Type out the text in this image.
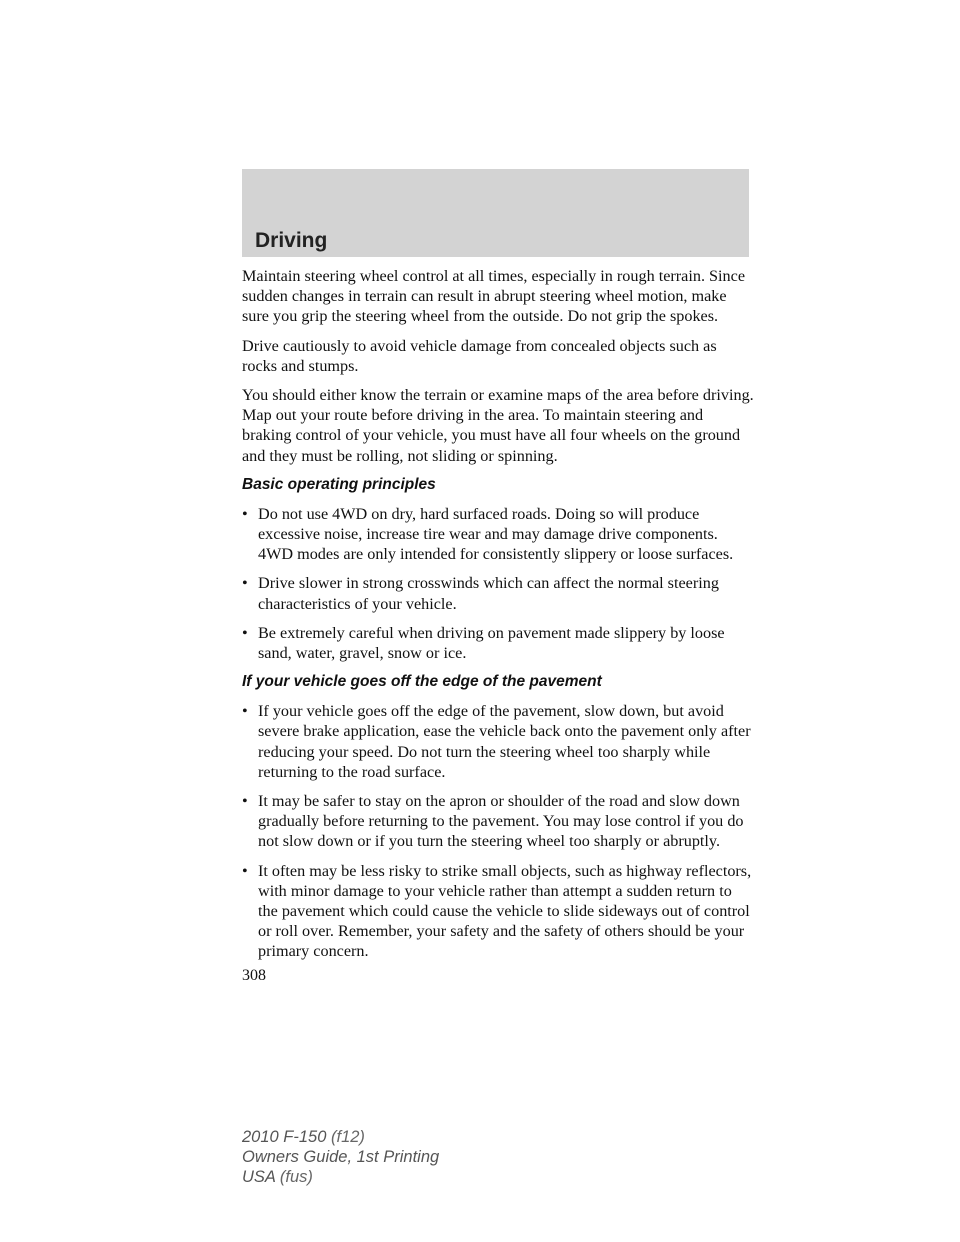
Driving

Maintain steering wheel control at all times, especially in rough terrain. Since sudden changes in terrain can result in abrupt steering wheel motion, make sure you grip the steering wheel from the outside. Do not grip the spokes.

Drive cautiously to avoid vehicle damage from concealed objects such as rocks and stumps.

You should either know the terrain or examine maps of the area before driving. Map out your route before driving in the area. To maintain steering and braking control of your vehicle, you must have all four wheels on the ground and they must be rolling, not sliding or spinning.

Basic operating principles
• Do not use 4WD on dry, hard surfaced roads. Doing so will produce excessive noise, increase tire wear and may damage drive components. 4WD modes are only intended for consistently slippery or loose surfaces.
• Drive slower in strong crosswinds which can affect the normal steering characteristics of your vehicle.
• Be extremely careful when driving on pavement made slippery by loose sand, water, gravel, snow or ice.
If your vehicle goes off the edge of the pavement
• If your vehicle goes off the edge of the pavement, slow down, but avoid severe brake application, ease the vehicle back onto the pavement only after reducing your speed. Do not turn the steering wheel too sharply while returning to the road surface.
• It may be safer to stay on the apron or shoulder of the road and slow down gradually before returning to the pavement. You may lose control if you do not slow down or if you turn the steering wheel too sharply or abruptly.
• It often may be less risky to strike small objects, such as highway reflectors, with minor damage to your vehicle rather than attempt a sudden return to the pavement which could cause the vehicle to slide sideways out of control or roll over. Remember, your safety and the safety of others should be your primary concern.

308

2010 F-150 (f12)
Owners Guide, 1st Printing
USA (fus)
